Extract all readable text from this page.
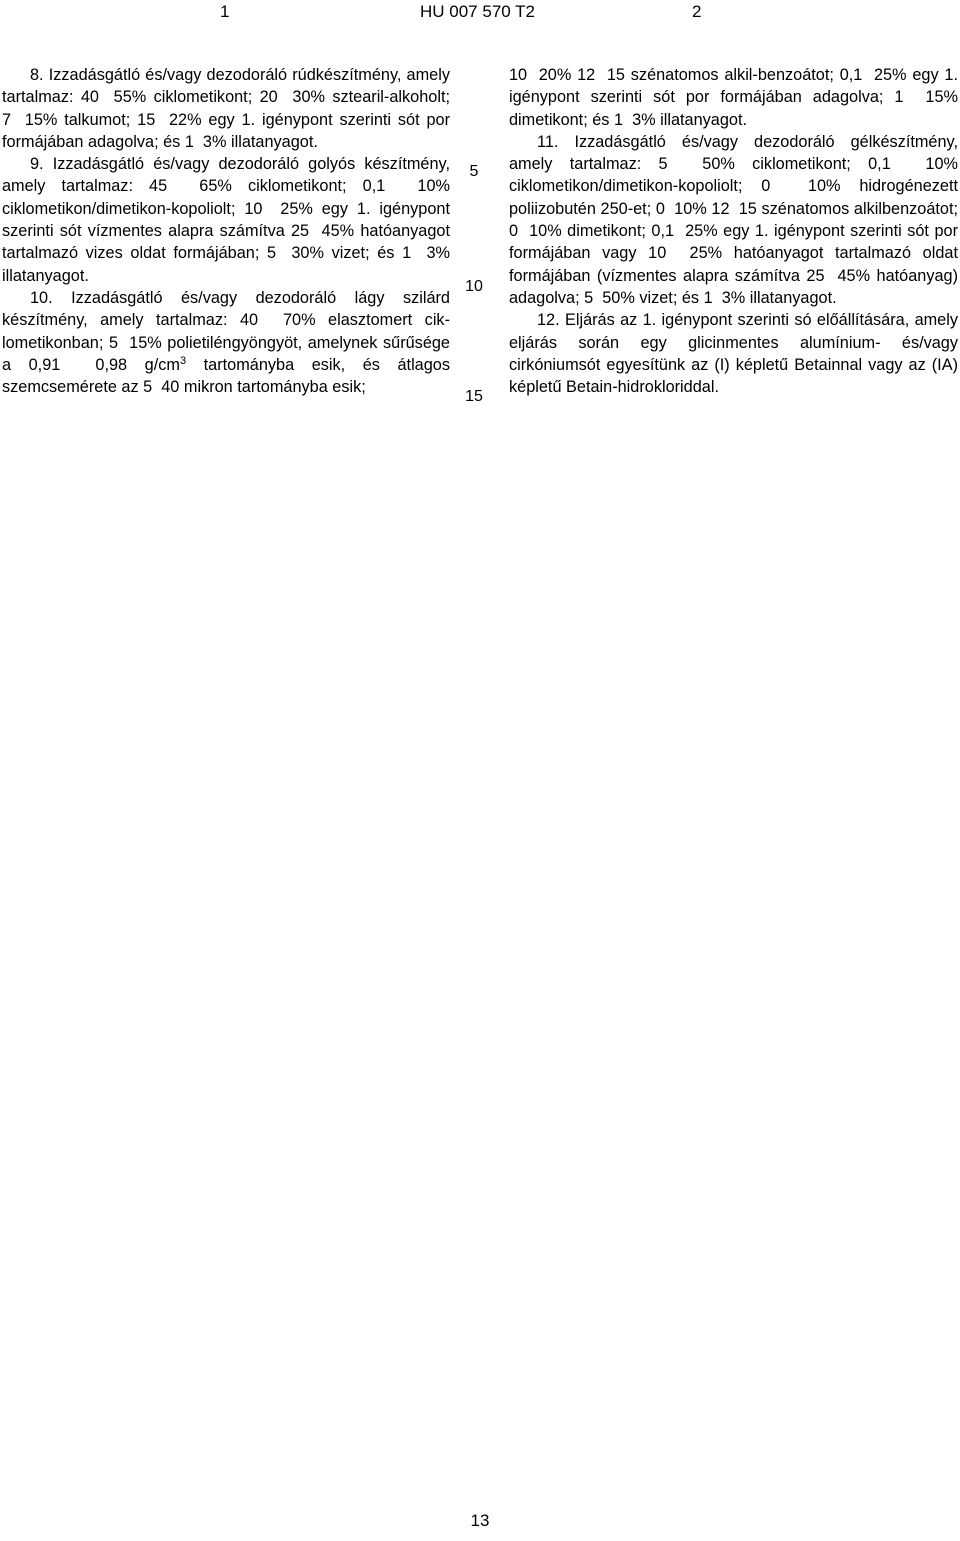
1	HU 007 570 T2	2

8. Izzadásgátló és/vagy dezodoráló rúdkészítmény, amely tartalmaz: 40  55% ciklometikont; 20  30% sztearil-alkoholt; 7  15% talkumot; 15  22% egy 1. igénypont szerinti sót por formájában adagolva; és 1  3% illatanyagot.

9. Izzadásgátló és/vagy dezodoráló golyós készítmény, amely tartalmaz: 45  65% ciklometikont; 0,1  10% ciklometikon/dimetikon-kopoliolt; 10  25% egy 1. igénypont szerinti sót vízmentes alapra számítva 25  45% hatóanyagot tartalmazó vizes oldat formájában; 5  30% vizet; és 1  3% illatanyagot.

10. Izzadásgátló és/vagy dezodoráló lágy szilárd készítmény, amely tartalmaz: 40  70% elasztomert ciklometikonban; 5  15% polietiléngyöngyöt, amelynek sűrűsége a 0,91  0,98 $g/cm^3$ tartományba esik, és átlagos szemcsemérete az 5  40 mikron tartományba esik;

5
10
15

10  20% 12  15 szénatomos alkil-benzoátot; 0,1  25% egy 1. igénypont szerinti sót por formájában adagolva; 1  15% dimetikont; és 1  3% illatanyagot.

11. Izzadásgátló és/vagy dezodoráló gélkészítmény, amely tartalmaz: 5  50% ciklometikont; 0,1  10% ciklometikon/dimetikon-kopoliolt; 0  10% hidrogénezett poliizobutén 250-et; 0  10% 12  15 szénatomos alkilbenzoátot; 0  10% dimetikont; 0,1  25% egy 1. igénypont szerinti sót por formájában vagy 10  25% hatóanyagot tartalmazó oldat formájában (vízmentes alapra számítva 25  45% hatóanyag) adagolva; 5  50% vizet; és 1  3% illatanyagot.

12. Eljárás az 1. igénypont szerinti só előállítására, amely eljárás során egy glicinmentes alumínium- és/vagy cirkóniumsót egyesítünk az (I) képletű Betainnal vagy az (IA) képletű Betain-hidrokloriddal.

13
